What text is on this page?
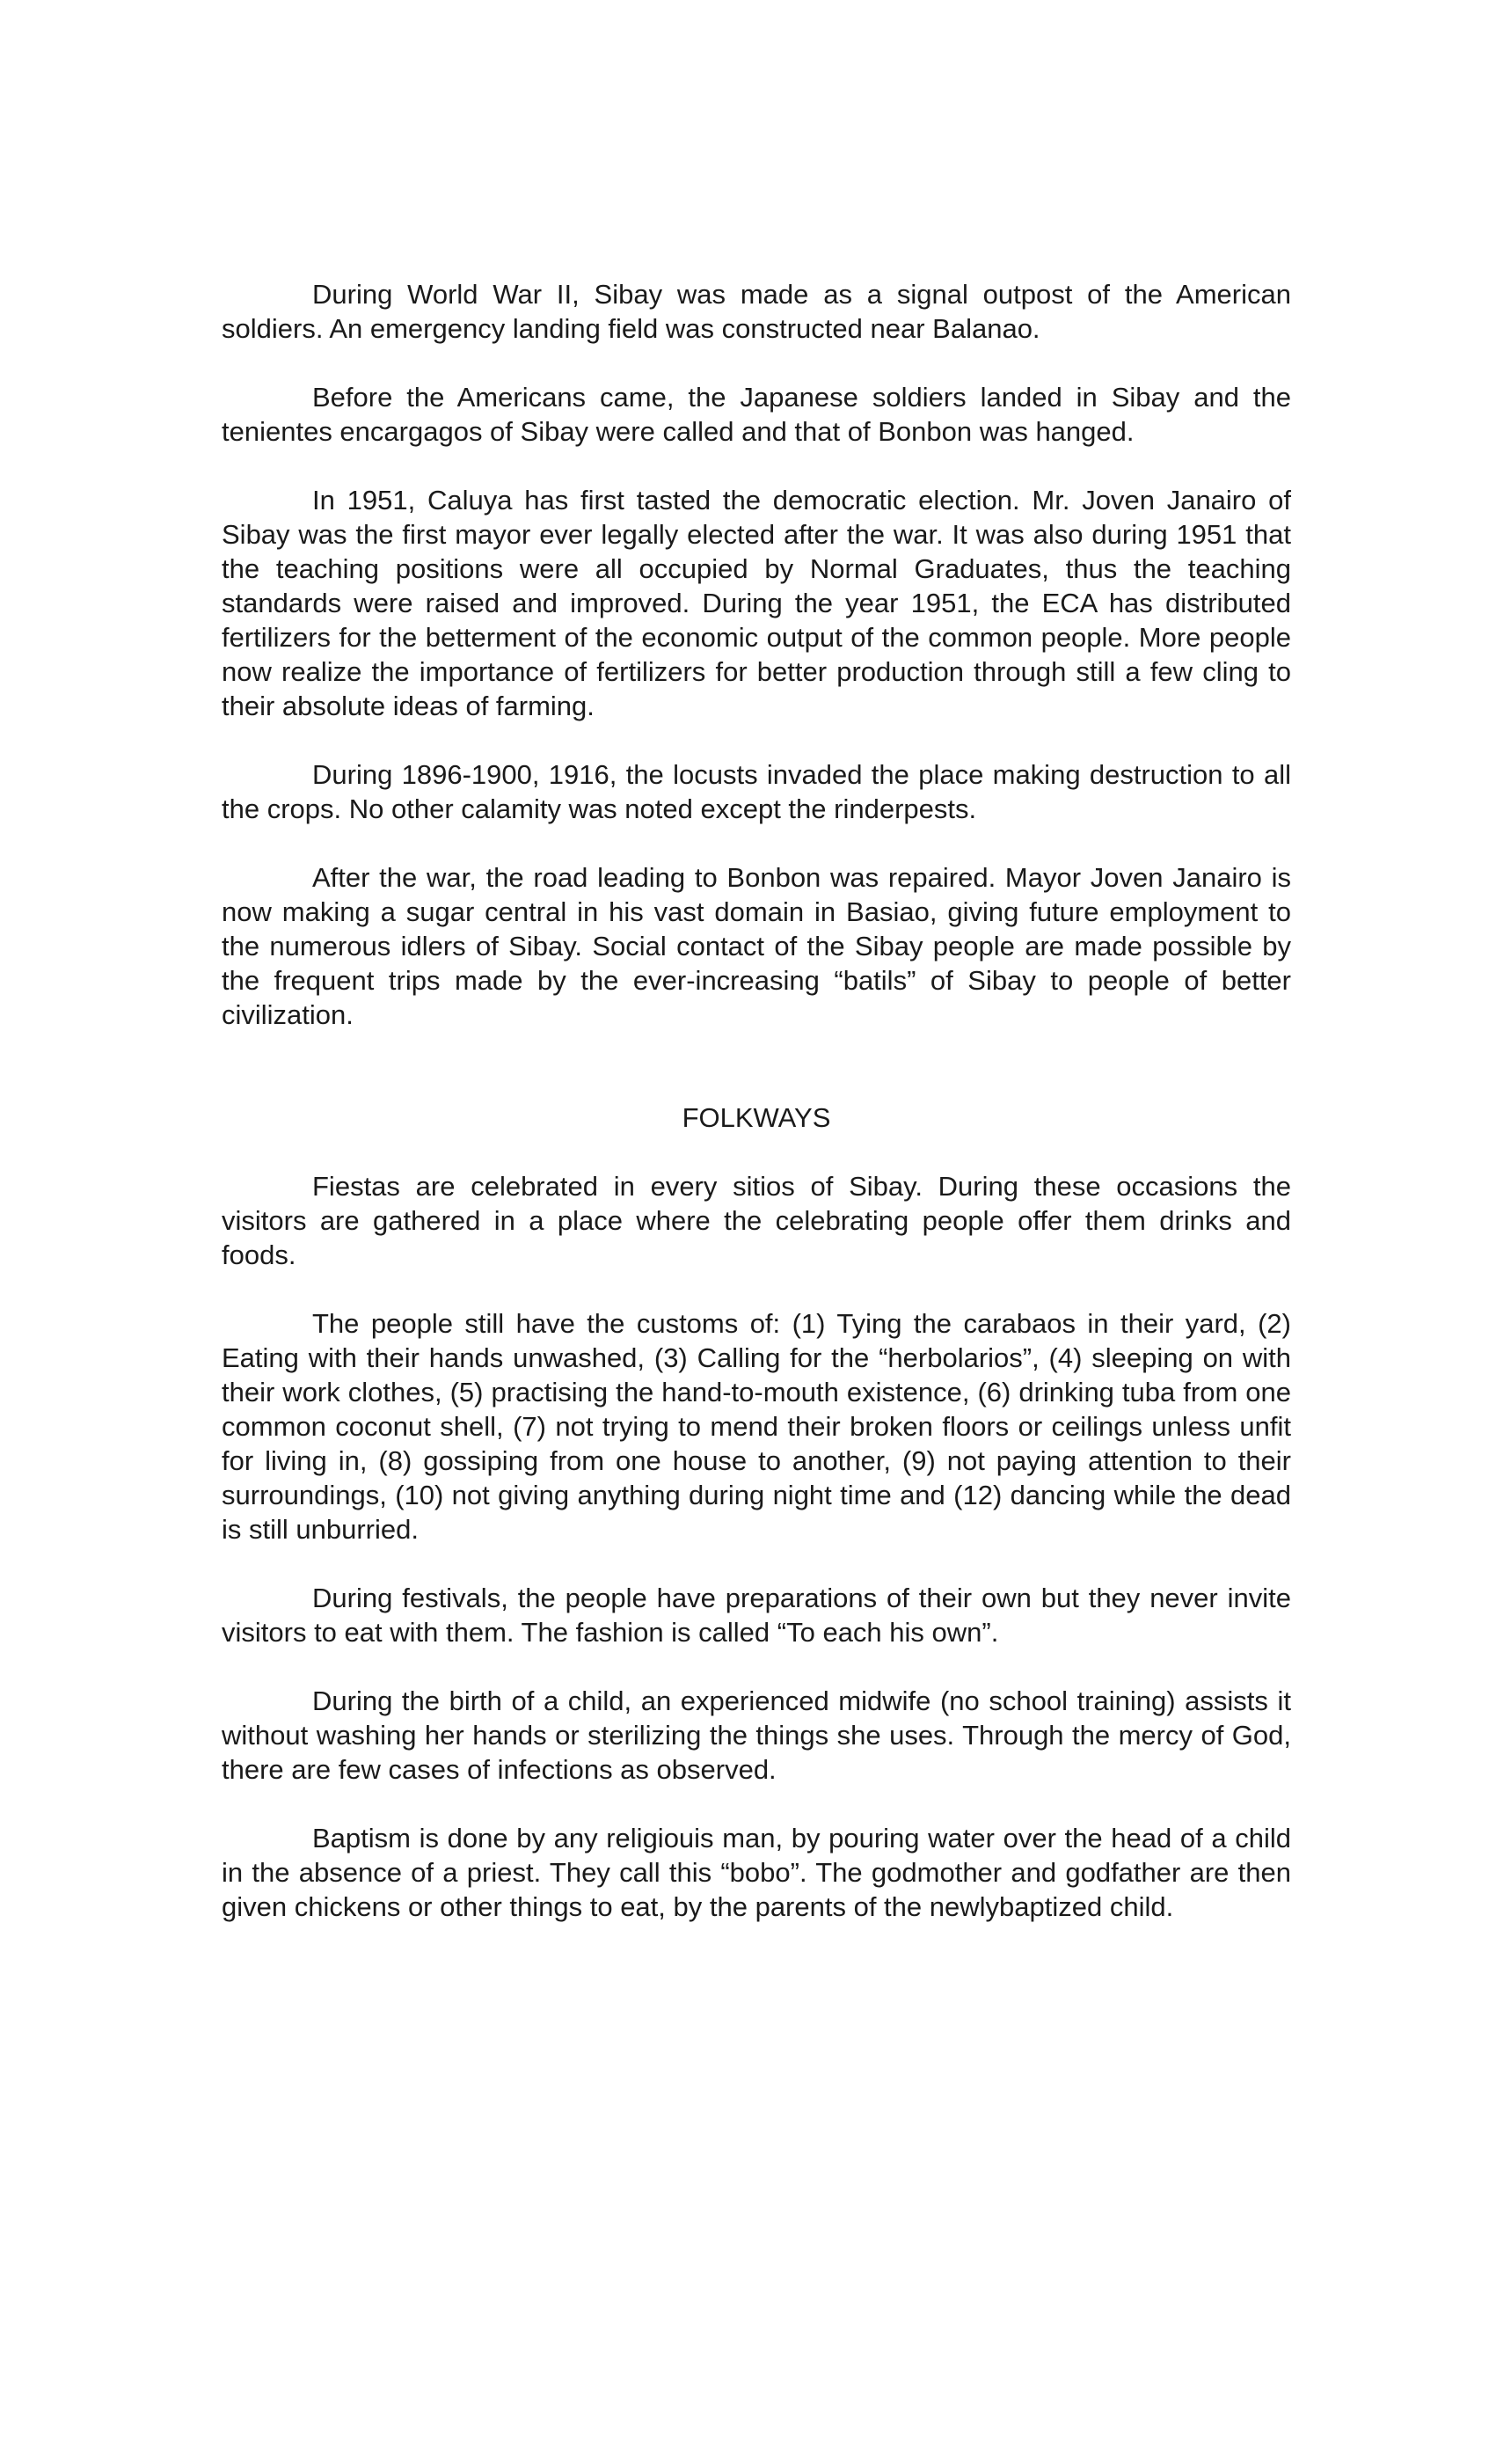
During World War II, Sibay was made as a signal outpost of the American soldiers. An emergency landing field was constructed near Balanao.

Before the Americans came, the Japanese soldiers landed in Sibay and the tenientes encargagos of Sibay were called and that of Bonbon was hanged.

In 1951, Caluya has first tasted the democratic election. Mr. Joven Janairo of Sibay was the first mayor ever legally elected after the war. It was also during 1951 that the teaching positions were all occupied by Normal Graduates, thus the teaching standards were raised and improved. During the year 1951, the ECA has distributed fertilizers for the betterment of the economic output of the common people. More people now realize the importance of fertilizers for better production through still a few cling to their absolute ideas of farming.

During 1896-1900, 1916, the locusts invaded the place making destruction to all the crops. No other calamity was noted except the rinderpests.

After the war, the road leading to Bonbon was repaired. Mayor Joven Janairo is now making a sugar central in his vast domain in Basiao, giving future employment to the numerous idlers of Sibay. Social contact of the Sibay people are made possible by the frequent trips made by the ever-increasing “batils” of Sibay to people of better civilization.

FOLKWAYS

Fiestas are celebrated in every sitios of Sibay. During these occasions the visitors are gathered in a place where the celebrating people offer them drinks and foods.

The people still have the customs of: (1) Tying the carabaos in their yard, (2) Eating with their hands unwashed, (3) Calling for the “herbolarios”, (4) sleeping on with their work clothes, (5) practising the hand-to-mouth existence, (6) drinking tuba from one common coconut shell, (7) not trying to mend their broken floors or ceilings unless unfit for living in, (8) gossiping from one house to another, (9) not paying attention to their surroundings, (10) not giving anything during night time and (12) dancing while the dead is still unburried.

During festivals, the people have preparations of their own but they never invite visitors to eat with them. The fashion is called “To each his own”.

During the birth of a child, an experienced midwife (no school training) assists it without washing her hands or sterilizing the things she uses. Through the mercy of God, there are few cases of infections as observed.

Baptism is done by any religiouis man, by pouring water over the head of a child in the absence of a priest. They call this “bobo”. The godmother and godfather are then given chickens or other things to eat, by the parents of the newlybaptized child.
